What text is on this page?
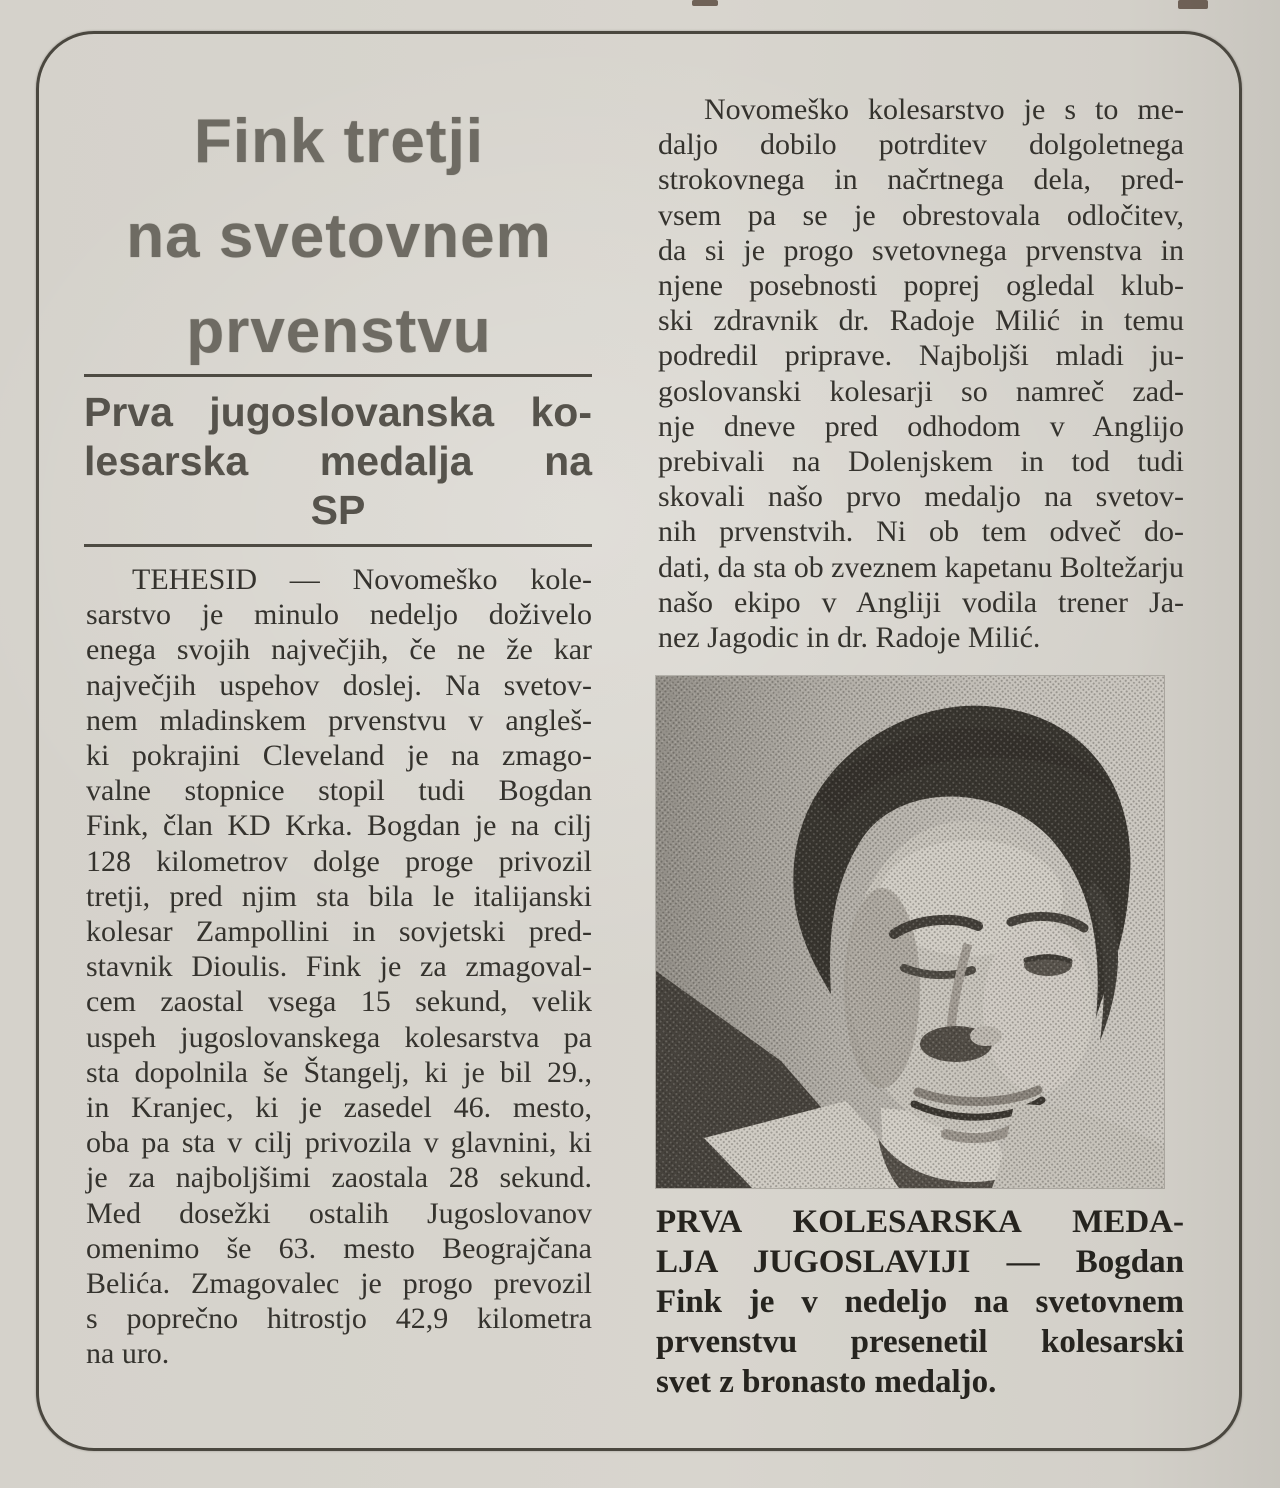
Fink tretji
na svetovnem
prvenstvu
Prva jugoslovanska ko-
lesarska medalja na
SP
TEHESID — Novomeško kole-
sarstvo je minulo nedeljo doživelo
enega svojih največjih, če ne že kar
največjih uspehov doslej. Na svetov-
nem mladinskem prvenstvu v angleš-
ki pokrajini Cleveland je na zmago-
valne stopnice stopil tudi Bogdan
Fink, član KD Krka. Bogdan je na cilj
128 kilometrov dolge proge privozil
tretji, pred njim sta bila le italijanski
kolesar Zampollini in sovjetski pred-
stavnik Dioulis. Fink je za zmagoval-
cem zaostal vsega 15 sekund, velik
uspeh jugoslovanskega kolesarstva pa
sta dopolnila še Štangelj, ki je bil 29.,
in Kranjec, ki je zasedel 46. mesto,
oba pa sta v cilj privozila v glavnini, ki
je za najboljšimi zaostala 28 sekund.
Med dosežki ostalih Jugoslovanov
omenimo še 63. mesto Beograjčana
Belića. Zmagovalec je progo prevozil
s poprečno hitrostjo 42,9 kilometra
na uro.
Novomeško kolesarstvo je s to me-
daljo dobilo potrditev dolgoletnega
strokovnega in načrtnega dela, pred-
vsem pa se je obrestovala odločitev,
da si je progo svetovnega prvenstva in
njene posebnosti poprej ogledal klub-
ski zdravnik dr. Radoje Milić in temu
podredil priprave. Najboljši mladi ju-
goslovanski kolesarji so namreč zad-
nje dneve pred odhodom v Anglijo
prebivali na Dolenjskem in tod tudi
skovali našo prvo medaljo na svetov-
nih prvenstvih. Ni ob tem odveč do-
dati, da sta ob zveznem kapetanu Boltežarju
našo ekipo v Angliji vodila trener Ja-
nez Jagodic in dr. Radoje Milić.
PRVA KOLESARSKA MEDA-
LJA JUGOSLAVIJI — Bogdan
Fink je v nedeljo na svetovnem
prvenstvu presenetil kolesarski
svet z bronasto medaljo.
